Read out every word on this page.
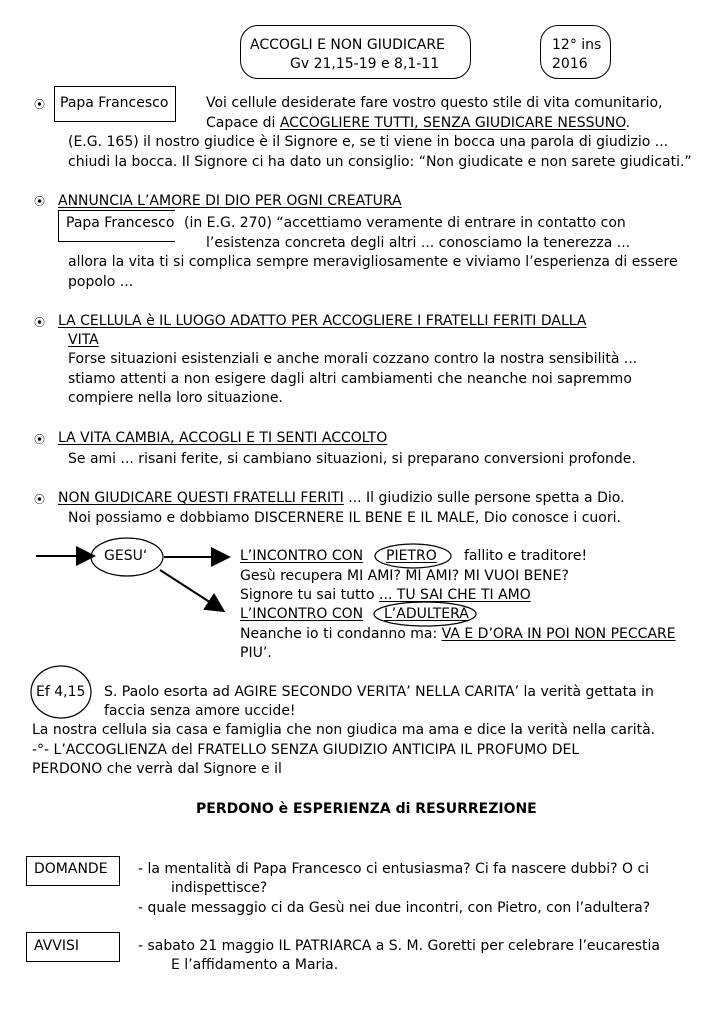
ACCOGLI E NON GIUDICARE
Gv 21,15-19 e 8,1-11
12° ins
2016
⦿ Papa Francesco	Voi cellule desiderate fare vostro questo stile di vita comunitario,
Capace di ACCOGLIERE TUTTI, SENZA GIUDICARE NESSUNO.
(E.G. 165) il nostro giudice è il Signore e, se ti viene in bocca una parola di giudizio ...
chiudi la bocca. Il Signore ci ha dato un consiglio: “Non giudicate e non sarete giudicati.”
⦿ ANNUNCIA L’AMORE DI DIO PER OGNI CREATURA
Papa Francesco (in E.G. 270) “accettiamo veramente di entrare in contatto con
l’esistenza concreta degli altri ... conosciamo la tenerezza ...
allora la vita ti si complica sempre meravigliosamente e viviamo l’esperienza di essere
popolo ...
⦿ LA CELLULA è IL LUOGO ADATTO PER ACCOGLIERE I FRATELLI FERITI DALLA
VITA
Forse situazioni esistenziali e anche morali cozzano contro la nostra sensibilità ...
stiamo attenti a non esigere dagli altri cambiamenti che neanche noi sapremmo
compiere nella loro situazione.
⦿ LA VITA CAMBIA, ACCOGLI E TI SENTI ACCOLTO
Se ami ... risani ferite, si cambiano situazioni, si preparano conversioni profonde.
⦿ NON GIUDICARE QUESTI FRATELLI FERITI ... Il giudizio sulle persone spetta a Dio.
Noi possiamo e dobbiamo DISCERNERE IL BENE E IL MALE, Dio conosce i cuori.
GESU‘	L’INCONTRO CON PIETRO fallito e traditore!
Gesù recupera MI AMI? MI AMI? MI VUOI BENE?
Signore tu sai tutto ... TU SAI CHE TI AMO
L’INCONTRO CON L’ADULTERA
Neanche io ti condanno ma: VA E D’ORA IN POI NON PECCARE
PIU’.
Ef 4,15 S. Paolo esorta ad AGIRE SECONDO VERITA’ NELLA CARITA’ la verità gettata in
faccia senza amore uccide!
La nostra cellula sia casa e famiglia che non giudica ma ama e dice la verità nella carità.
-°- L’ACCOGLIENZA del FRATELLO SENZA GIUDIZIO ANTICIPA IL PROFUMO DEL
PERDONO che verrà dal Signore e il
PERDONO è ESPERIENZA di RESURREZIONE
DOMANDE - la mentalità di Papa Francesco ci entusiasma? Ci fa nascere dubbi? O ci
indispettisce?
- quale messaggio ci da Gesù nei due incontri, con Pietro, con l’adultera?
AVVISI	- sabato 21 maggio IL PATRIARCA a S. M. Goretti per celebrare l’eucarestia
E l’affidamento a Maria.
